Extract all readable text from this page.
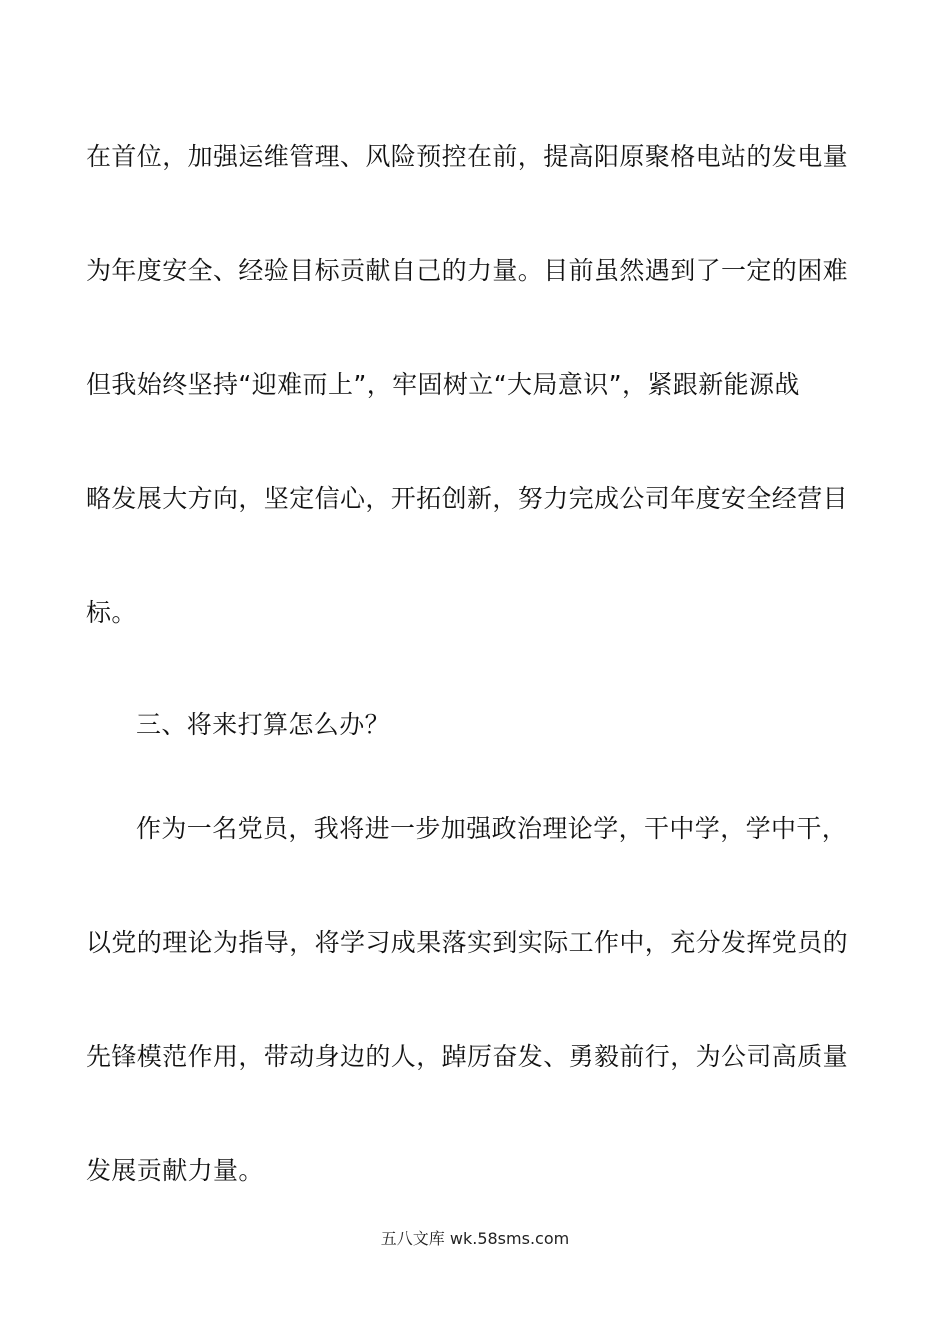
在首位，加强运维管理、风险预控在前，提高阳原聚格电站的发电量
为年度安全、经验目标贡献自己的力量。目前虽然遇到了一定的困难
但我始终坚持“迎难而上”，牢固树立“大局意识”，紧跟新能源战
略发展大方向，坚定信心，开拓创新，努力完成公司年度安全经营目
标。
三、将来打算怎么办？
作为一名党员，我将进一步加强政治理论学，干中学，学中干，
以党的理论为指导，将学习成果落实到实际工作中，充分发挥党员的
先锋模范作用，带动身边的人，踔厉奋发、勇毅前行，为公司高质量
发展贡献力量。
五八文库 wk.58sms.com
